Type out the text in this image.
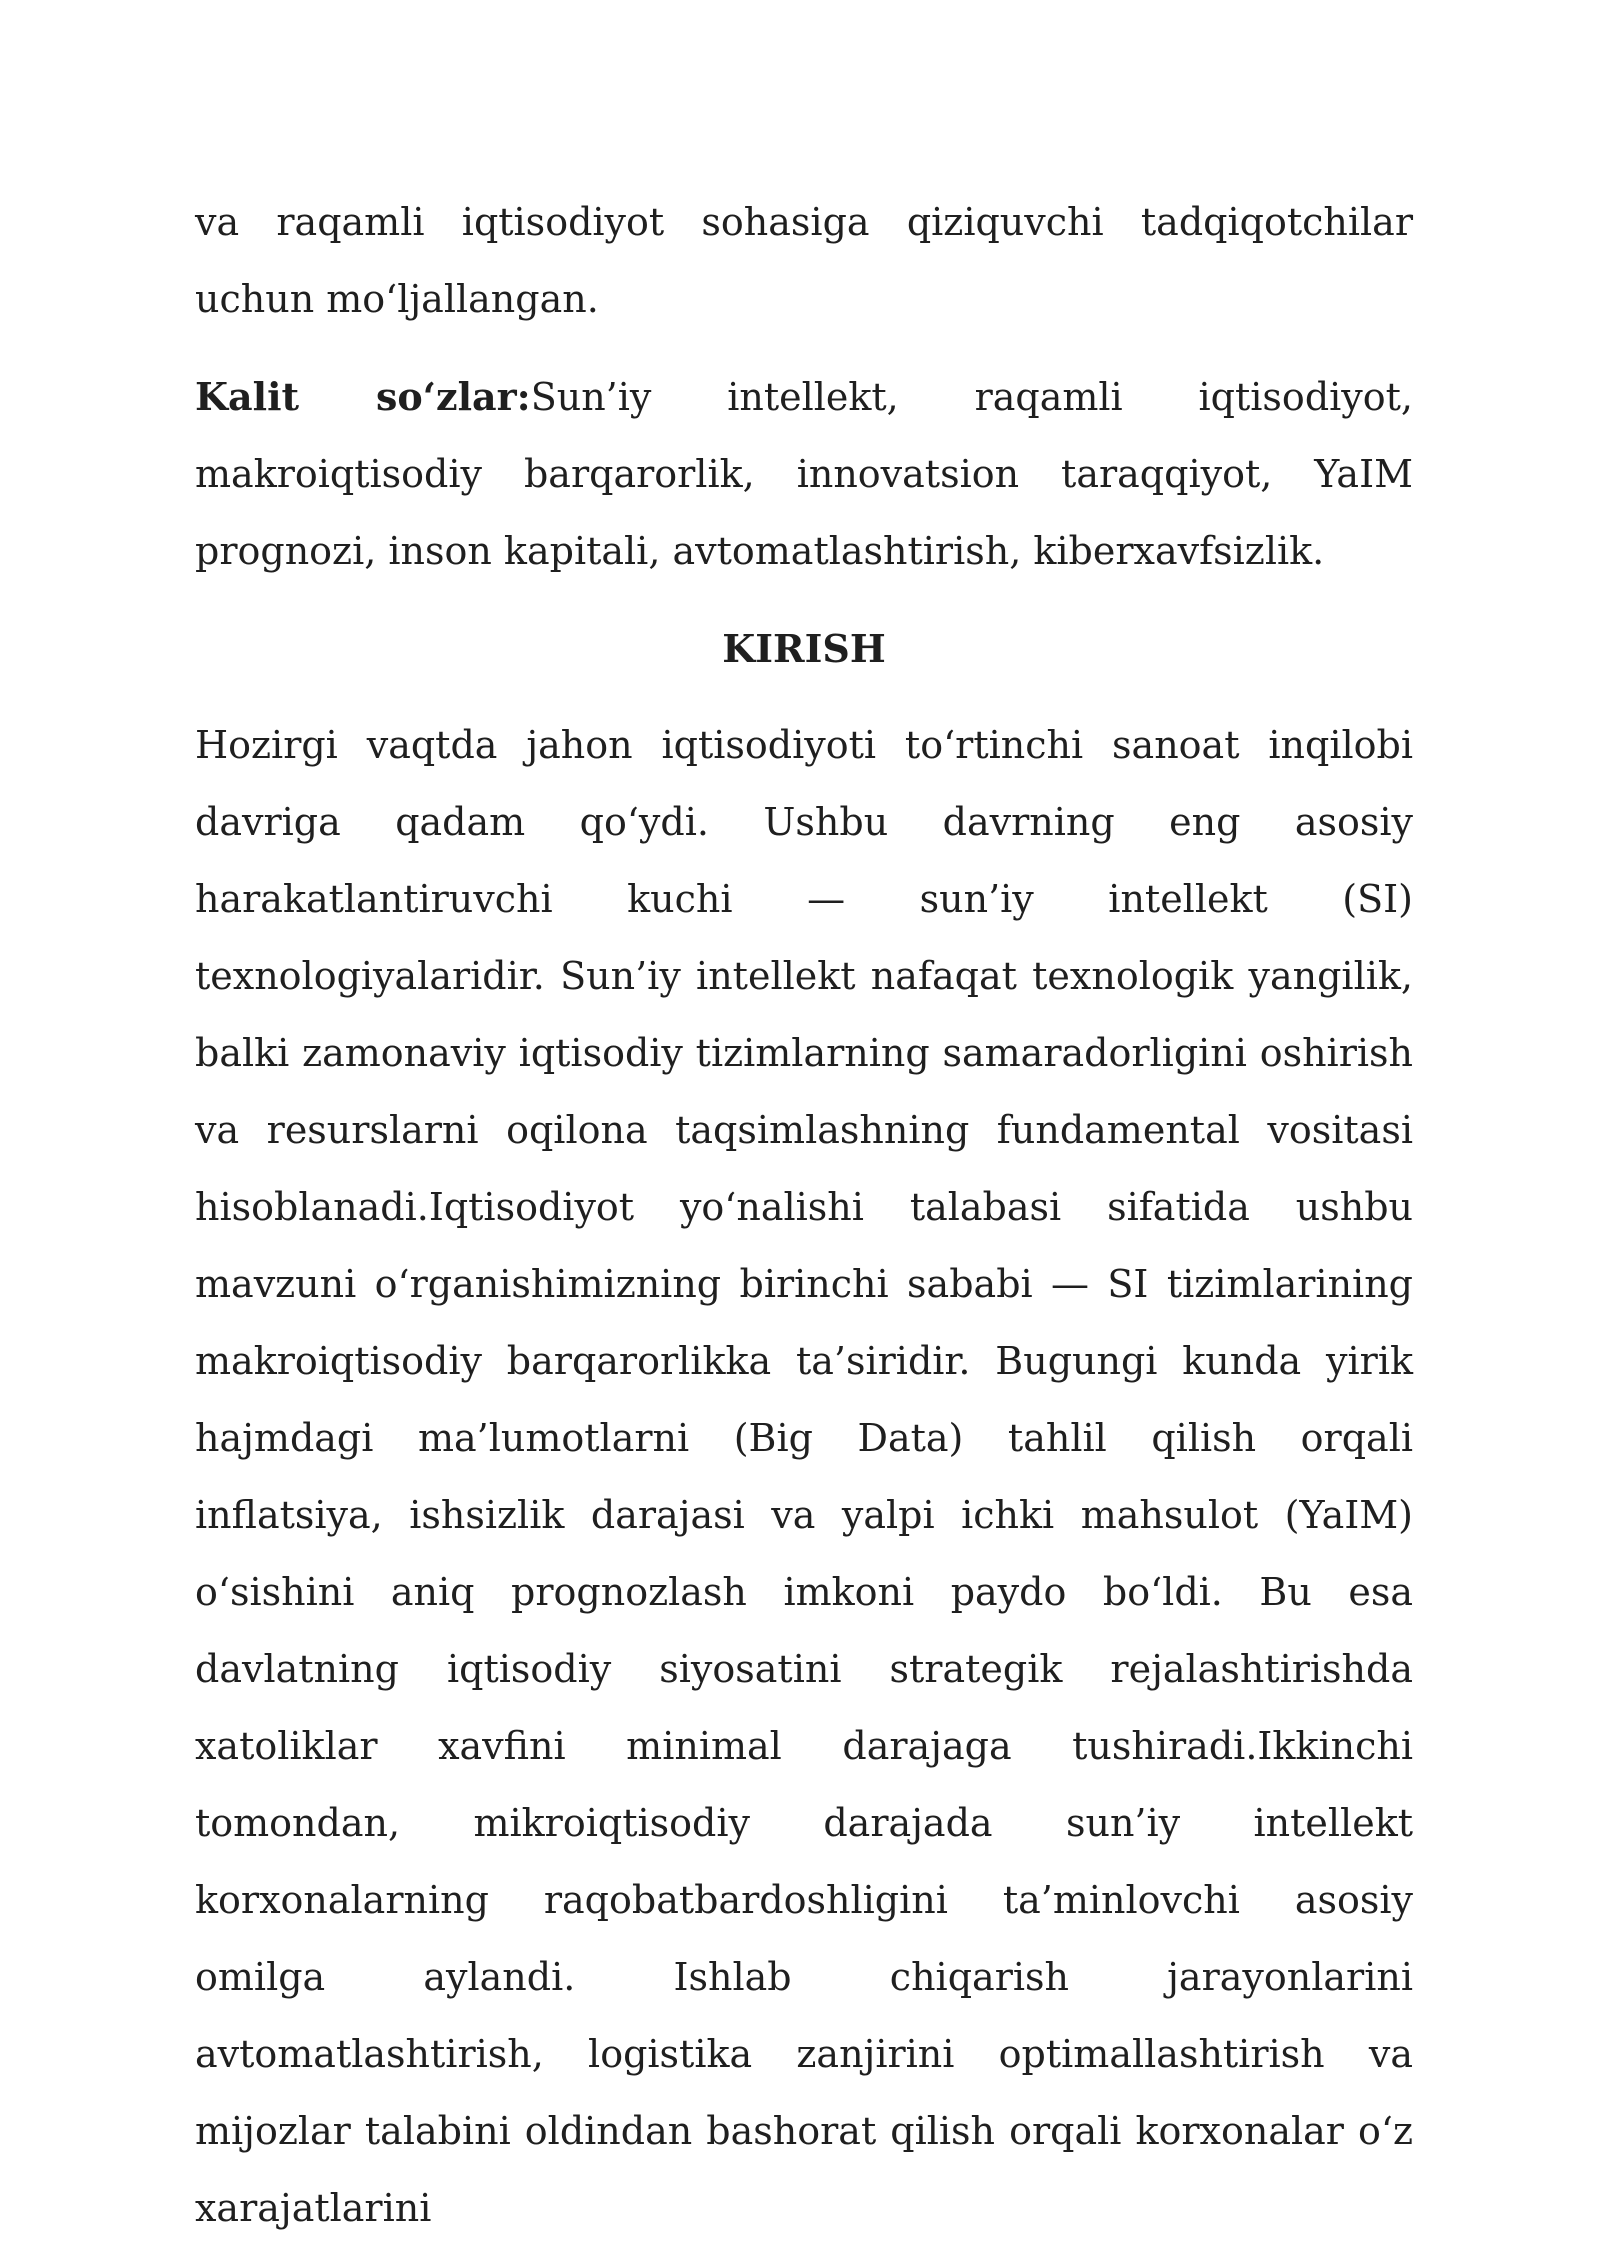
va raqamli iqtisodiyot sohasiga qiziquvchi tadqiqotchilar uchun mo‘ljallangan.

Kalit so‘zlar:Sun’iy intellekt, raqamli iqtisodiyot, makroiqtisodiy barqarorlik, innovatsion taraqqiyot, YaIM prognozi, inson kapitali, avtomatlashtirish, kiberxavfsizlik.

KIRISH

Hozirgi vaqtda jahon iqtisodiyoti to‘rtinchi sanoat inqilobi davriga qadam qo‘ydi. Ushbu davrning eng asosiy harakatlantiruvchi kuchi — sun’iy intellekt (SI) texnologiyalaridir. Sun’iy intellekt nafaqat texnologik yangilik, balki zamonaviy iqtisodiy tizimlarning samaradorligini oshirish va resurslarni oqilona taqsimlashning fundamental vositasi hisoblanadi.Iqtisodiyot yo‘nalishi talabasi sifatida ushbu mavzuni o‘rganishimizning birinchi sababi — SI tizimlarining makroiqtisodiy barqarorlikka ta’siridir. Bugungi kunda yirik hajmdagi ma’lumotlarni (Big Data) tahlil qilish orqali inflatsiya, ishsizlik darajasi va yalpi ichki mahsulot (YaIM) o‘sishini aniq prognozlash imkoni paydo bo‘ldi. Bu esa davlatning iqtisodiy siyosatini strategik rejalashtirishda xatoliklar xavfini minimal darajaga tushiradi.Ikkinchi tomondan, mikroiqtisodiy darajada sun’iy intellekt korxonalarning raqobatbardoshligini ta’minlovchi asosiy omilga aylandi. Ishlab chiqarish jarayonlarini avtomatlashtirish, logistika zanjirini optimallashtirish va mijozlar talabini oldindan bashorat qilish orqali korxonalar o‘z xarajatlarini
